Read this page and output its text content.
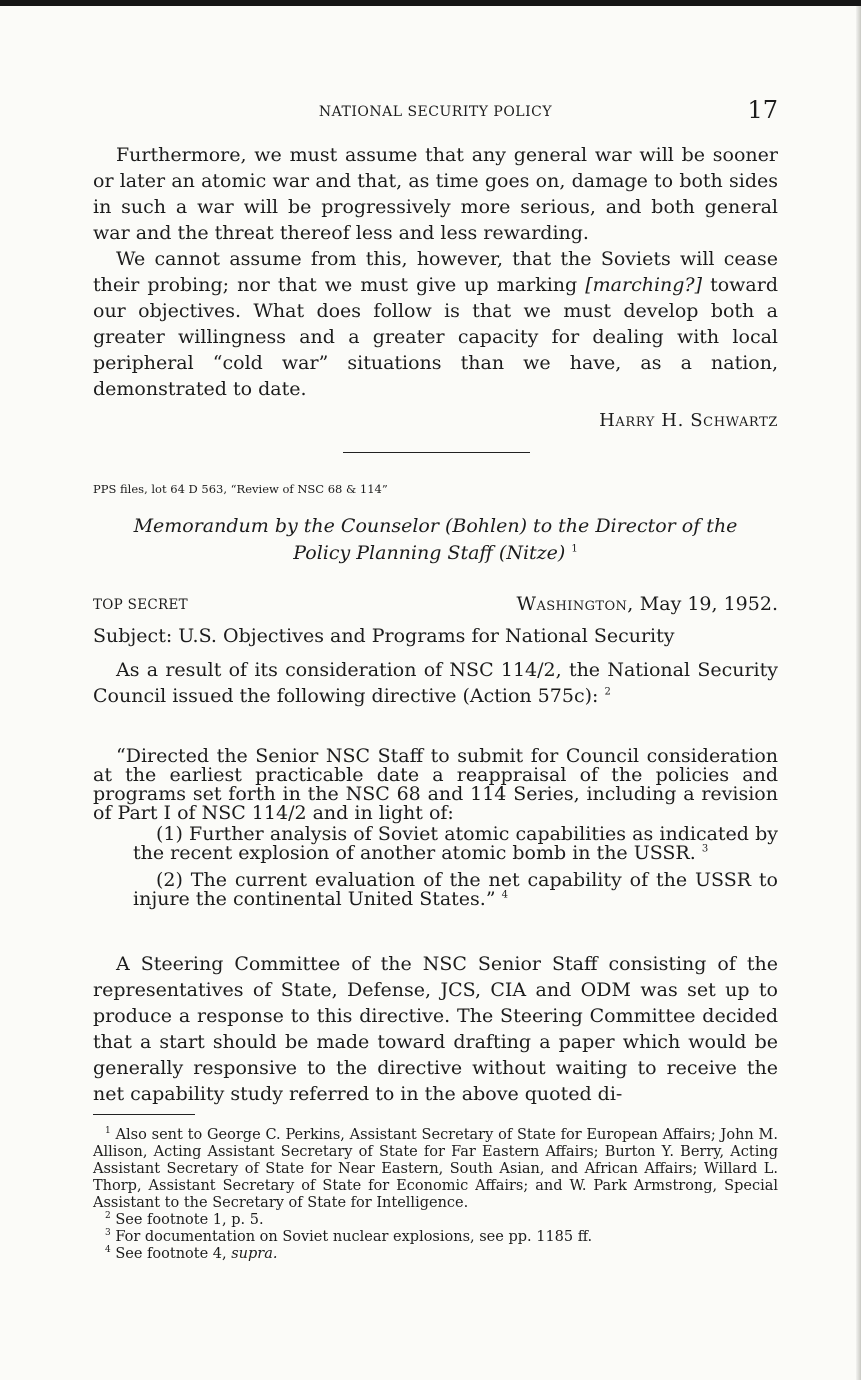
NATIONAL SECURITY POLICY	17

Furthermore, we must assume that any general war will be sooner or later an atomic war and that, as time goes on, damage to both sides in such a war will be progressively more serious, and both general war and the threat thereof less and less rewarding.

We cannot assume from this, however, that the Soviets will cease their probing; nor that we must give up marking [marching?] toward our objectives. What does follow is that we must develop both a greater willingness and a greater capacity for dealing with local peripheral “cold war” situations than we have, as a nation, demonstrated to date.

Harry H. Schwartz
PPS files, lot 64 D 563, “Review of NSC 68 & 114”
Memorandum by the Counselor (Bohlen) to the Director of the Policy Planning Staff (Nitze) $^1$
TOP SECRET	Washington, May 19, 1952.
Subject: U.S. Objectives and Programs for National Security

As a result of its consideration of NSC 114/2, the National Security Council issued the following directive (Action 575c): $^2$

“Directed the Senior NSC Staff to submit for Council consideration at the earliest practicable date a reappraisal of the policies and programs set forth in the NSC 68 and 114 Series, including a revision of Part I of NSC 114/2 and in light of:

(1) Further analysis of Soviet atomic capabilities as indicated by the recent explosion of another atomic bomb in the USSR. $^3$

(2) The current evaluation of the net capability of the USSR to injure the continental United States.” $^4$

A Steering Committee of the NSC Senior Staff consisting of the representatives of State, Defense, JCS, CIA and ODM was set up to produce a response to this directive. The Steering Committee decided that a start should be made toward drafting a paper which would be generally responsive to the directive without waiting to receive the net capability study referred to in the above quoted di-

$^1$ Also sent to George C. Perkins, Assistant Secretary of State for European Affairs; John M. Allison, Acting Assistant Secretary of State for Far Eastern Affairs; Burton Y. Berry, Acting Assistant Secretary of State for Near Eastern, South Asian, and African Affairs; Willard L. Thorp, Assistant Secretary of State for Economic Affairs; and W. Park Armstrong, Special Assistant to the Secretary of State for Intelligence.

$^2$ See footnote 1, p. 5.

$^3$ For documentation on Soviet nuclear explosions, see pp. 1185 ff.

$^4$ See footnote 4, supra.
